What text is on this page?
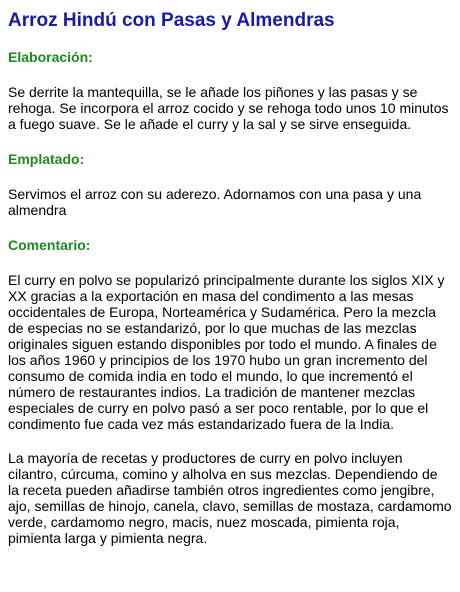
Arroz Hindú con Pasas y Almendras
Elaboración:

Se derrite la mantequilla, se le añade los piñones y las pasas y se rehoga. Se incorpora el arroz cocido y se rehoga todo unos 10 minutos a fuego suave. Se le añade el curry y la sal y se sirve enseguida.

Emplatado:

Servimos el arroz con su aderezo. Adornamos con una pasa y una almendra

Comentario:

El curry en polvo se popularizó principalmente durante los siglos XIX y XX gracias a la exportación en masa del condimento a las mesas occidentales de Europa, Norteamérica y Sudamérica. Pero la mezcla de especias no se estandarizó, por lo que muchas de las mezclas originales siguen estando disponibles por todo el mundo. A finales de los años 1960 y principios de los 1970 hubo un gran incremento del consumo de comida india en todo el mundo, lo que incrementó el número de restaurantes indios. La tradición de mantener mezclas especiales de curry en polvo pasó a ser poco rentable, por lo que el condimento fue cada vez más estandarizado fuera de la India.

La mayoría de recetas y productores de curry en polvo incluyen cilantro, cúrcuma, comino y alholva en sus mezclas. Dependiendo de la receta pueden añadirse también otros ingredientes como jengibre, ajo, semillas de hinojo, canela, clavo, semillas de mostaza, cardamomo verde, cardamomo negro, macis, nuez moscada, pimienta roja, pimienta larga y pimienta negra.
